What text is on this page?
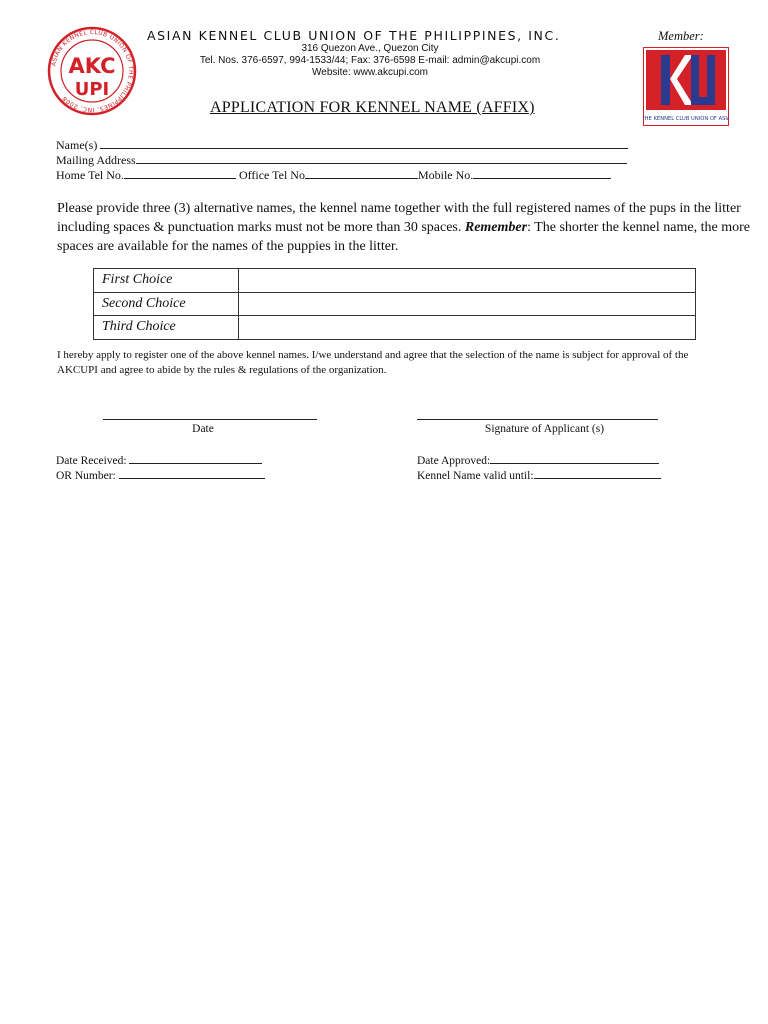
ASIAN KENNEL CLUB UNION OF THE PHILIPPINES, INC. 2008
AKC
UPI
ASIAN KENNEL CLUB UNION OF THE PHILIPPINES, INC.
316 Quezon Ave., Quezon City
Tel. Nos. 376-6597, 994-1533/44; Fax: 376-6598 E-mail: admin@akcupi.com
Website: www.akcupi.com
Member:
THE KENNEL CLUB UNION OF ASIA
APPLICATION FOR KENNEL NAME (AFFIX)
Name(s)
Mailing Address
Home Tel No.	Office Tel No	Mobile No.
Please provide three (3) alternative names, the kennel name together with the full registered names of the pups in the litter including spaces & punctuation marks must not be more than 30 spaces. Remember: The shorter the kennel name, the more spaces are available for the names of the puppies in the litter.
First Choice	
Second Choice	
Third Choice	
I hereby apply to register one of the above kennel names. I/we understand and agree that the selection of the name is subject for approval of the AKCUPI and agree to abide by the rules & regulations of the organization.
Date	Signature of Applicant (s)
Date Received:
OR Number:
Date Approved:
Kennel Name valid until:
